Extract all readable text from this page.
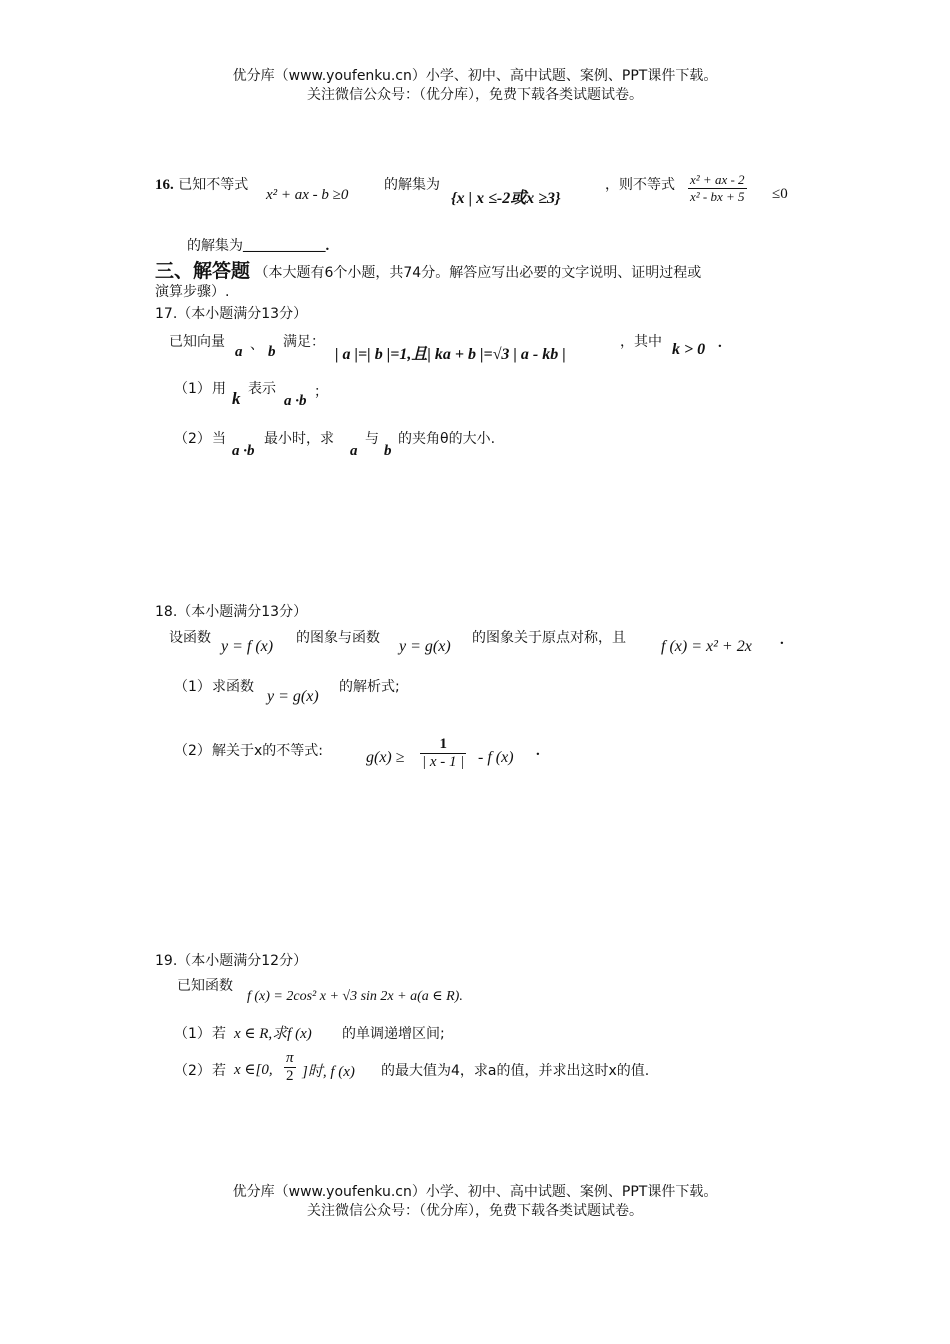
优分库（www.youfenku.cn）小学、初中、高中试题、案例、PPT课件下载。
关注微信公众号：（优分库），免费下载各类试题试卷。
16. 已知不等式
x² + ax - b ≥0
的解集为
{x | x ≤-2或x ≥3}
，则不等式 $\frac{\text{x² + ax - 2}}{\text{x² - bx + 5}} \le 0$
的解集为___________.
三、解答题 （本大题有6个小题，共74分。解答应写出必要的文字说明、证明过程或
演算步骤）.
17.（本小题满分13分）
已知向量
a 、 b
满足：
| a |=| b |=1,且| ka + b |=√3 | a - kb |
，其中 k > 0 .
（1） 用 k 表示
a ·b
；
（2） 当
a ·b
最小时，求
a
与
b
的夹角θ的大小.
18.（本小题满分13分）
设函数 y = f (x) 的图象与函数 y = g(x) 的图象关于原点对称，且 f (x) = x² + 2x .
（1） 求函数
y = g(x)
的解析式;
（2） 解关于x的不等式:	$g(x) \ge \frac{1}{| x - 1 |} - f$ (x) .
19.（本小题满分12分）
已知函数
f (x) = 2cos² x + √3 sin 2x + a(a ∈ R).
（1） 若 x ∈ R,求f (x) 的单调递增区间;
（2） 若 x ∈[0, $\frac{\pi}{2}$ ]时, f (x) 的最大值为4，求a的值，并求出这时x的值.
优分库（www.youfenku.cn）小学、初中、高中试题、案例、PPT课件下载。
关注微信公众号：（优分库），免费下载各类试题试卷。
